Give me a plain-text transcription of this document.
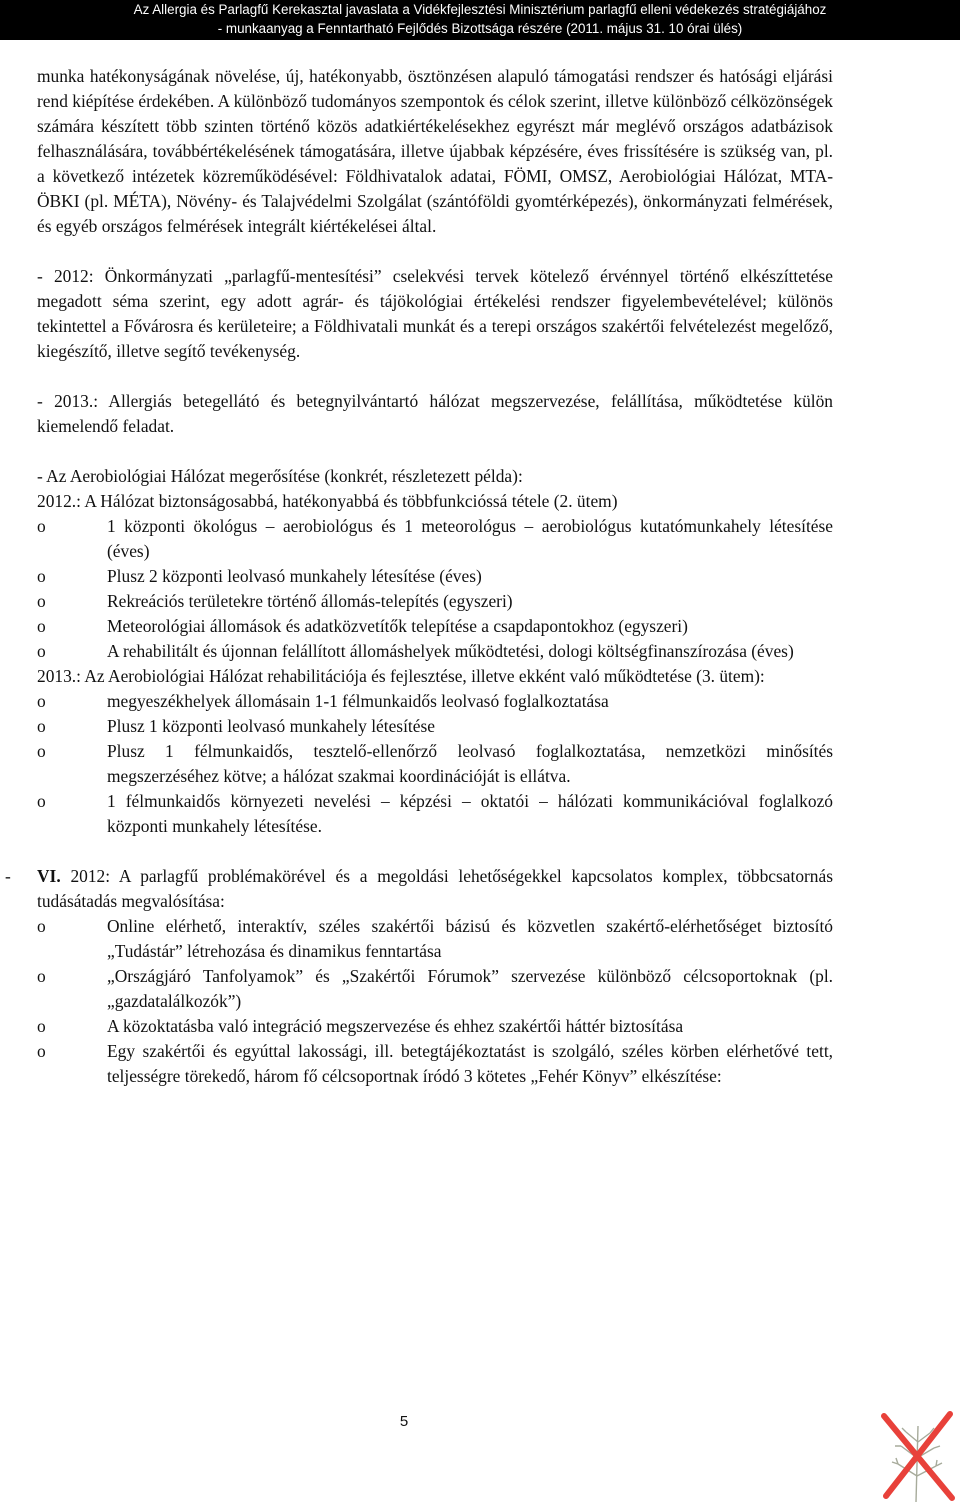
Az Allergia és Parlagfű Kerekasztal javaslata a Vidékfejlesztési Minisztérium parlagfű elleni védekezés stratégiájához
- munkaanyag a Fenntartható Fejlődés Bizottsága részére (2011. május 31. 10 órai ülés)

munka hatékonyságának növelése, új, hatékonyabb, ösztönzésen alapuló támogatási rendszer és hatósági eljárási rend kiépítése érdekében. A különböző tudományos szempontok és célok szerint, illetve különböző célközönségek számára készített több szinten történő közös adatkiértékelésekhez egyrészt már meglévő országos adatbázisok felhasználására, továbbértékelésének támogatására, illetve újabbak képzésére, éves frissítésére is szükség van, pl. a következő intézetek közreműködésével: Földhivatalok adatai, FÖMI, OMSZ, Aerobiológiai Hálózat, MTA-ÖBKI (pl. MÉTA), Növény- és Talajvédelmi Szolgálat (szántóföldi gyomtérképezés), önkormányzati felmérések, és egyéb országos felmérések integrált kiértékelései által.

- 2012: Önkormányzati „parlagfű-mentesítési” cselekvési tervek kötelező érvénnyel történő elkészíttetése megadott séma szerint, egy adott agrár- és tájökológiai értékelési rendszer figyelembevételével; különös tekintettel a Fővárosra és kerületeire; a Földhivatali munkát és a terepi országos szakértői felvételezést megelőző, kiegészítő, illetve segítő tevékenység.

- 2013.: Allergiás betegellátó és betegnyilvántartó hálózat megszervezése, felállítása, működtetése külön kiemelendő feladat.

- Az Aerobiológiai Hálózat megerősítése (konkrét, részletezett példa):

2012.: A Hálózat biztonságosabbá, hatékonyabbá és többfunkcióssá tétele (2. ütem)

o	1 központi ökológus – aerobiológus és 1 meteorológus – aerobiológus kutatómunkahely létesítése (éves)
o	Plusz 2 központi leolvasó munkahely létesítése (éves)
o	Rekreációs területekre történő állomás-telepítés (egyszeri)
o	Meteorológiai állomások és adatközvetítők telepítése a csapdapontokhoz (egyszeri)
o	A rehabilitált és újonnan felállított állomáshelyek működtetési, dologi költségfinanszírozása (éves)

2013.: Az Aerobiológiai Hálózat rehabilitációja és fejlesztése, illetve ekként való működtetése (3. ütem):

o	megyeszékhelyek állomásain 1-1 félmunkaidős leolvasó foglalkoztatása
o	Plusz 1 központi leolvasó munkahely létesítése
o	Plusz 1 félmunkaidős, tesztelő-ellenőrző leolvasó foglalkoztatása, nemzetközi minősítés megszerzéséhez kötve; a hálózat szakmai koordinációját is ellátva.
o	1 félmunkaidős környezeti nevelési – képzési – oktatói – hálózati kommunikációval foglalkozó központi munkahely létesítése.
-	VI. 2012: A parlagfű problémakörével és a megoldási lehetőségekkel kapcsolatos komplex, többcsatornás tudásátadás megvalósítása:
o	Online elérhető, interaktív, széles szakértői bázisú és közvetlen szakértő-elérhetőséget biztosító „Tudástár” létrehozása és dinamikus fenntartása
o	„Országjáró Tanfolyamok” és „Szakértői Fórumok” szervezése különböző célcsoportoknak (pl. „gazdatalálkozók”)
o	A közoktatásba való integráció megszervezése és ehhez szakértői háttér biztosítása
o	Egy szakértői és egyúttal lakossági, ill. betegtájékoztatást is szolgáló, széles körben elérhetővé tett, teljességre törekedő, három fő célcsoportnak íródó 3 kötetes „Fehér Könyv” elkészítése:
5
